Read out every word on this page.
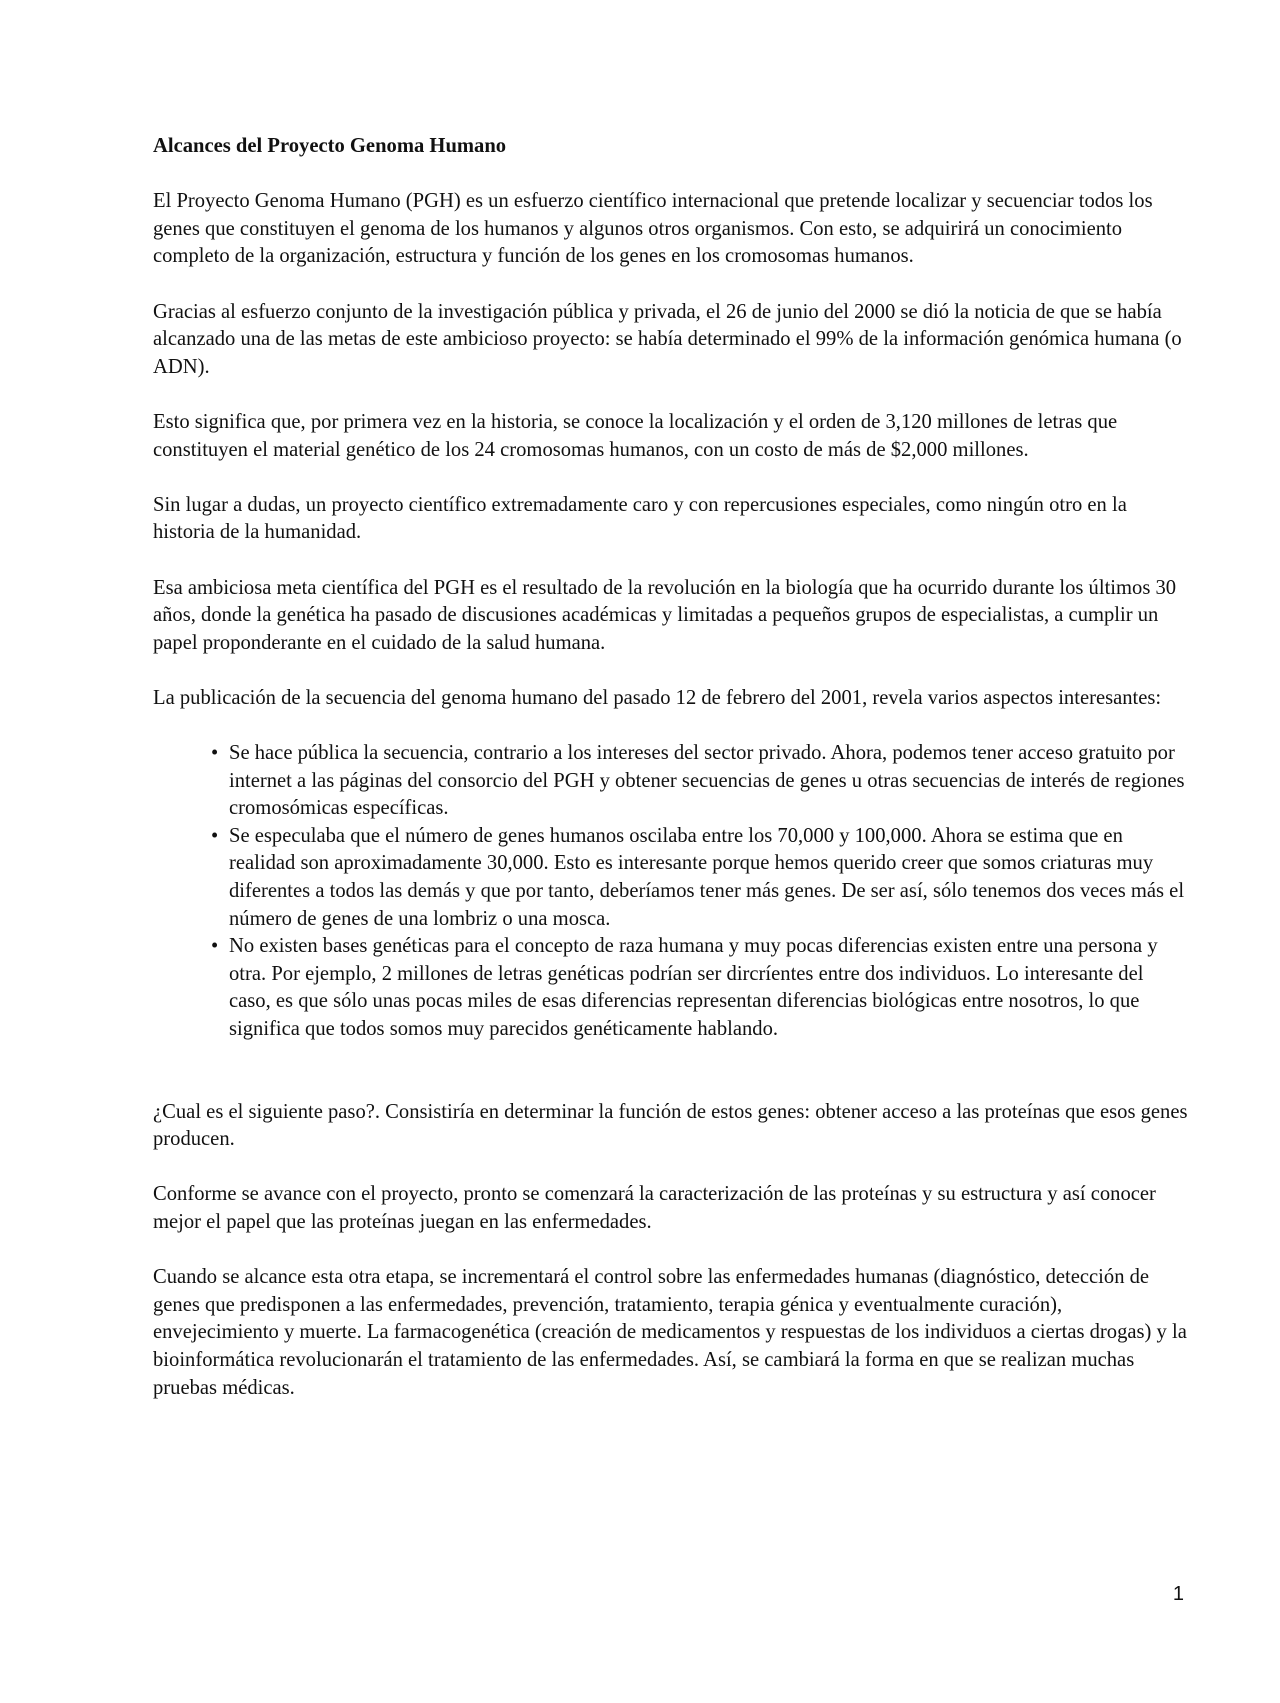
Alcances del Proyecto Genoma Humano

El Proyecto Genoma Humano (PGH) es un esfuerzo científico internacional que pretende localizar y secuenciar todos los genes que constituyen el genoma de los humanos y algunos otros organismos. Con esto, se adquirirá un conocimiento completo de la organización, estructura y función de los genes en los cromosomas humanos.

Gracias al esfuerzo conjunto de la investigación pública y privada, el 26 de junio del 2000 se dió la noticia de que se había alcanzado una de las metas de este ambicioso proyecto: se había determinado el 99% de la información genómica humana (o ADN).

Esto significa que, por primera vez en la historia, se conoce la localización y el orden de 3,120 millones de letras que constituyen el material genético de los 24 cromosomas humanos, con un costo de más de $2,000 millones.

Sin lugar a dudas, un proyecto científico extremadamente caro y con repercusiones especiales, como ningún otro en la historia de la humanidad.

Esa ambiciosa meta científica del PGH es el resultado de la revolución en la biología que ha ocurrido durante los últimos 30 años, donde la genética ha pasado de discusiones académicas y limitadas a pequeños grupos de especialistas, a cumplir un papel proponderante en el cuidado de la salud humana.

La publicación de la secuencia del genoma humano del pasado 12 de febrero del 2001, revela varios aspectos interesantes:

• Se hace pública la secuencia, contrario a los intereses del sector privado. Ahora, podemos tener acceso gratuito por internet a las páginas del consorcio del PGH y obtener secuencias de genes u otras secuencias de interés de regiones cromosómicas específicas.
• Se especulaba que el número de genes humanos oscilaba entre los 70,000 y 100,000. Ahora se estima que en realidad son aproximadamente 30,000. Esto es interesante porque hemos querido creer que somos criaturas muy diferentes a todos las demás y que por tanto, deberíamos tener más genes. De ser así, sólo tenemos dos veces más el número de genes de una lombriz o una mosca.
• No existen bases genéticas para el concepto de raza humana y muy pocas diferencias existen entre una persona y otra. Por ejemplo, 2 millones de letras genéticas podrían ser dircríentes entre dos individuos. Lo interesante del caso, es que sólo unas pocas miles de esas diferencias representan diferencias biológicas entre nosotros, lo que significa que todos somos muy parecidos genéticamente hablando.

¿Cual es el siguiente paso?. Consistiría en determinar la función de estos genes: obtener acceso a las proteínas que esos genes producen.

Conforme se avance con el proyecto, pronto se comenzará la caracterización de las proteínas y su estructura y así conocer mejor el papel que las proteínas juegan en las enfermedades.

Cuando se alcance esta otra etapa, se incrementará el control sobre las enfermedades humanas (diagnóstico, detección de genes que predisponen a las enfermedades, prevención, tratamiento, terapia génica y eventualmente curación), envejecimiento y muerte. La farmacogenética (creación de medicamentos y respuestas de los individuos a ciertas drogas) y la bioinformática revolucionarán el tratamiento de las enfermedades. Así, se cambiará la forma en que se realizan muchas pruebas médicas.

1
